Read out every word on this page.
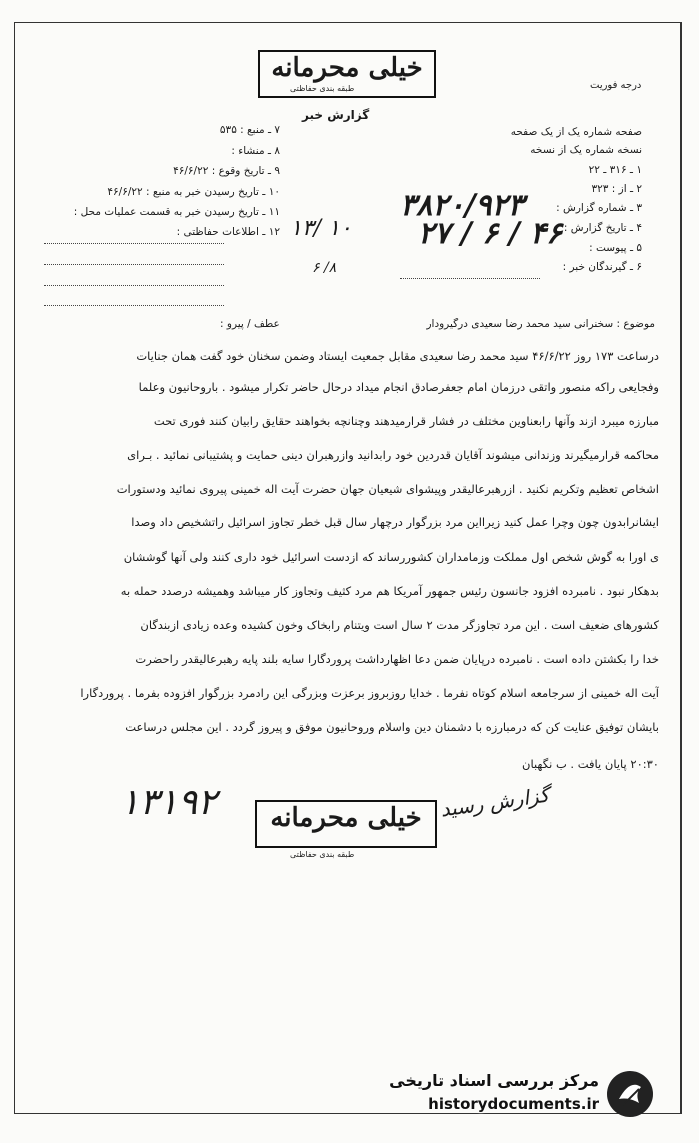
خیلی محرمانه
طبقه بندی حفاظتی	درجه فوریت
گزارش خبر
۷ ـ منبع : ۵۳۵
۸ ـ منشاء :
۹ ـ تاریخ وقوع : ۴۶/۶/۲۲
۱۰ ـ تاریخ رسیدن خبر به منبع : ۴۶/۶/۲۲
۱۱ ـ تاریخ رسیدن خبر به قسمت عملیات محل :
۱۲ ـ اطلاعات حفاظتی :
صفحه شماره یک از یک صفحه
نسخه شماره یک از نسخه
۱ ـ ۳۱۶ ـ ۲۲
۲ ـ از : ۳۲۳
۳ ـ شماره گزارش :
۴ ـ تاریخ گزارش :
۵ ـ پیوست :
۶ ـ گیرندگان خبر :
۳۸۲۰/۹۲۳
۲۷ / ۶ / ۴۶
۱۳/ ۱۰
۶ /۸
موضوع : سخنرانی سید محمد رضا سعیدی درگیرودار
عطف / پیرو :
درساعت ۱۷۳ روز ۴۶/۶/۲۲ سید محمد رضا سعیدی مقابل جمعیت ایستاد وضمن سخنان خود گفت همان جنایات
وفجایعی راکه منصور واتقی درزمان امام جعفرصادق انجام میداد درحال حاضر تکرار میشود . باروحانیون وعلما
مبارزه میبرد ازند وآنها رابعناوین مختلف در فشار قرارمیدهند وچنانچه بخواهند حقایق رابیان کنند فوری تحت
محاکمه قرارمیگیرند وزندانی میشوند آقایان قدردین خود رابدانید وازرهبران دینی حمایت و پشتیبانی نمائید . بـرای
اشخاص تعظیم وتکریم نکنید . ازرهبرعالیقدر وپیشوای شیعیان جهان حضرت آیت اله خمینی پیروی نمائید ودستورات
ایشانرابدون چون وچرا عمل کنید زیرااین مرد بزرگوار درچهار سال قبل خطر تجاوز اسرائیل راتشخیص داد وصدا
ی اورا به گوش شخص اول مملکت وزمامداران کشوررساند که ازدست اسرائیل خود داری کنند ولی آنها گوششان
بدهکار نبود . نامبرده افزود جانسون رئیس جمهور آمریکا هم مرد کثیف وتجاوز کار میباشد وهمیشه درصدد حمله به
کشورهای ضعیف است . این مرد تجاوزگر مدت ۲ سال است ویتنام رابخاک وخون کشیده وعده زیادی ازبندگان
خدا را بکشتن داده است . نامبرده درپایان ضمن دعا اظهارداشت پروردگارا سایه بلند پایه رهبرعالیقدر راحضرت
آیت اله خمینی از سرجامعه اسلام کوتاه نفرما . خدایا روزبروز برعزت وبزرگی این رادمرد بزرگوار افزوده بفرما . پروردگارا
بایشان توفیق عنایت کن که درمبارزه با دشمنان دین واسلام وروحانیون موفق و پیروز گردد . این مجلس درساعت
۲۰:۳۰ پایان یافت . ب نگهبان
۱۳۱۹۲	گزارش رسید
خیلی محرمانه
طبقه بندی حفاظتی
مرکز بررسی اسناد تاریخی
historydocuments.ir
